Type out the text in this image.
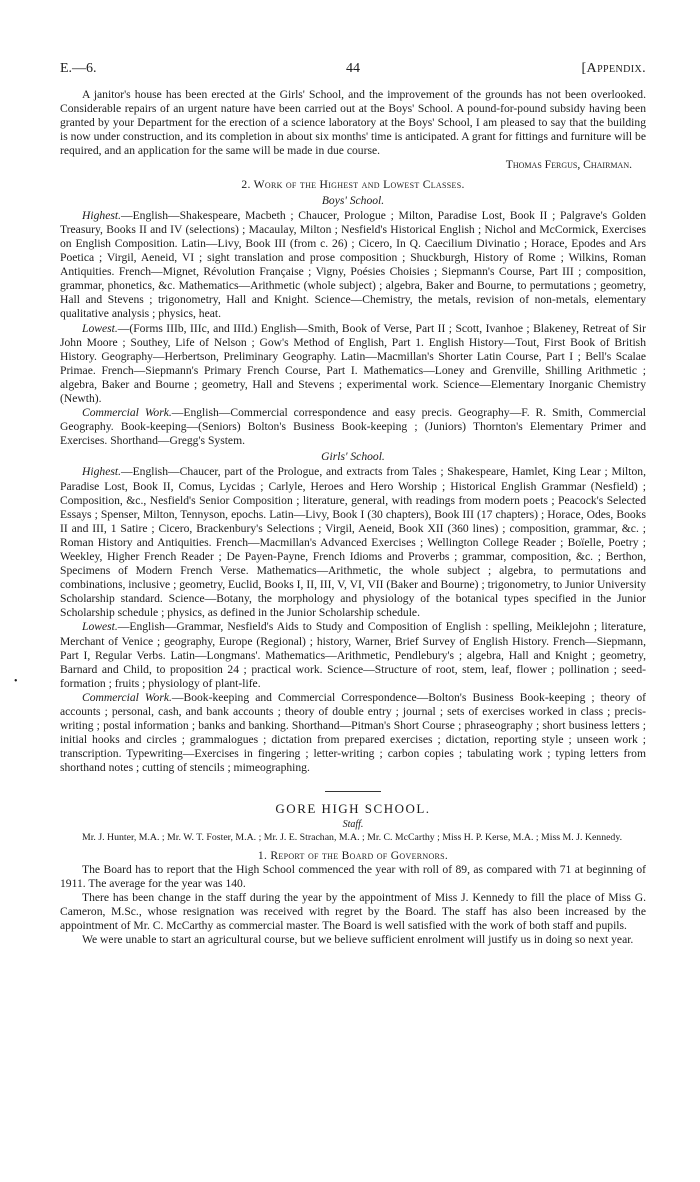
E.—6.	44	[Appendix.

A janitor's house has been erected at the Girls' School, and the improvement of the grounds has not been overlooked. Considerable repairs of an urgent nature have been carried out at the Boys' School. A pound-for-pound subsidy having been granted by your Department for the erection of a science laboratory at the Boys' School, I am pleased to say that the building is now under construction, and its completion in about six months' time is anticipated. A grant for fittings and furniture will be required, and an application for the same will be made in due course.

Thomas Fergus, Chairman.

2. Work of the Highest and Lowest Classes.

Boys' School.

Highest.—English—Shakespeare, Macbeth ; Chaucer, Prologue ; Milton, Paradise Lost, Book II ; Palgrave's Golden Treasury, Books II and IV (selections) ; Macaulay, Milton ; Nesfield's Historical English ; Nichol and McCormick, Exercises on English Composition. Latin—Livy, Book III (from c. 26) ; Cicero, In Q. Caecilium Divinatio ; Horace, Epodes and Ars Poetica ; Virgil, Aeneid, VI ; sight translation and prose composition ; Shuckburgh, History of Rome ; Wilkins, Roman Antiquities. French—Mignet, Révolution Française ; Vigny, Poésies Choisies ; Siepmann's Course, Part III ; composition, grammar, phonetics, &c. Mathematics—Arithmetic (whole subject) ; algebra, Baker and Bourne, to permutations ; geometry, Hall and Stevens ; trigonometry, Hall and Knight. Science—Chemistry, the metals, revision of non-metals, elementary qualitative analysis ; physics, heat.

Lowest.—(Forms IIIb, IIIc, and IIId.) English—Smith, Book of Verse, Part II ; Scott, Ivanhoe ; Blakeney, Retreat of Sir John Moore ; Southey, Life of Nelson ; Gow's Method of English, Part 1. English History—Tout, First Book of British History. Geography—Herbertson, Preliminary Geography. Latin—Macmillan's Shorter Latin Course, Part I ; Bell's Scalae Primae. French—Siepmann's Primary French Course, Part I. Mathematics—Loney and Grenville, Shilling Arithmetic ; algebra, Baker and Bourne ; geometry, Hall and Stevens ; experimental work. Science—Elementary Inorganic Chemistry (Newth).

Commercial Work.—English—Commercial correspondence and easy precis. Geography—F. R. Smith, Commercial Geography. Book-keeping—(Seniors) Bolton's Business Book-keeping ; (Juniors) Thornton's Elementary Primer and Exercises. Shorthand—Gregg's System.

Girls' School.

Highest.—English—Chaucer, part of the Prologue, and extracts from Tales ; Shakespeare, Hamlet, King Lear ; Milton, Paradise Lost, Book II, Comus, Lycidas ; Carlyle, Heroes and Hero Worship ; Historical English Grammar (Nesfield) ; Composition, &c., Nesfield's Senior Composition ; literature, general, with readings from modern poets ; Peacock's Selected Essays ; Spenser, Milton, Tennyson, epochs. Latin—Livy, Book I (30 chapters), Book III (17 chapters) ; Horace, Odes, Books II and III, 1 Satire ; Cicero, Brackenbury's Selections ; Virgil, Aeneid, Book XII (360 lines) ; composition, grammar, &c. ; Roman History and Antiquities. French—Macmillan's Advanced Exercises ; Wellington College Reader ; Boïelle, Poetry ; Weekley, Higher French Reader ; De Payen-Payne, French Idioms and Proverbs ; grammar, composition, &c. ; Berthon, Specimens of Modern French Verse. Mathematics—Arithmetic, the whole subject ; algebra, to permutations and combinations, inclusive ; geometry, Euclid, Books I, II, III, V, VI, VII (Baker and Bourne) ; trigonometry, to Junior University Scholarship standard. Science—Botany, the morphology and physiology of the botanical types specified in the Junior Scholarship schedule ; physics, as defined in the Junior Scholarship schedule.

Lowest.—English—Grammar, Nesfield's Aids to Study and Composition of English : spelling, Meiklejohn ; literature, Merchant of Venice ; geography, Europe (Regional) ; history, Warner, Brief Survey of English History. French—Siepmann, Part I, Regular Verbs. Latin—Longmans'. Mathematics—Arithmetic, Pendlebury's ; algebra, Hall and Knight ; geometry, Barnard and Child, to proposition 24 ; practical work. Science—Structure of root, stem, leaf, flower ; pollination ; seed-formation ; fruits ; physiology of plant-life.

Commercial Work.—Book-keeping and Commercial Correspondence—Bolton's Business Book-keeping ; theory of accounts ; personal, cash, and bank accounts ; theory of double entry ; journal ; sets of exercises worked in class ; precis-writing ; postal information ; banks and banking. Shorthand—Pitman's Short Course ; phraseography ; short business letters ; initial hooks and circles ; grammalogues ; dictation from prepared exercises ; dictation, reporting style ; unseen work ; transcription. Typewriting—Exercises in fingering ; letter-writing ; carbon copies ; tabulating work ; typing letters from shorthand notes ; cutting of stencils ; mimeographing.

GORE HIGH SCHOOL.

Staff.

Mr. J. Hunter, M.A. ; Mr. W. T. Foster, M.A. ; Mr. J. E. Strachan, M.A. ; Mr. C. McCarthy ; Miss H. P. Kerse, M.A. ; Miss M. J. Kennedy.

1. Report of the Board of Governors.

The Board has to report that the High School commenced the year with roll of 89, as compared with 71 at beginning of 1911. The average for the year was 140.

There has been change in the staff during the year by the appointment of Miss J. Kennedy to fill the place of Miss G. Cameron, M.Sc., whose resignation was received with regret by the Board. The staff has also been increased by the appointment of Mr. C. McCarthy as commercial master. The Board is well satisfied with the work of both staff and pupils.

We were unable to start an agricultural course, but we believe sufficient enrolment will justify us in doing so next year.

•
